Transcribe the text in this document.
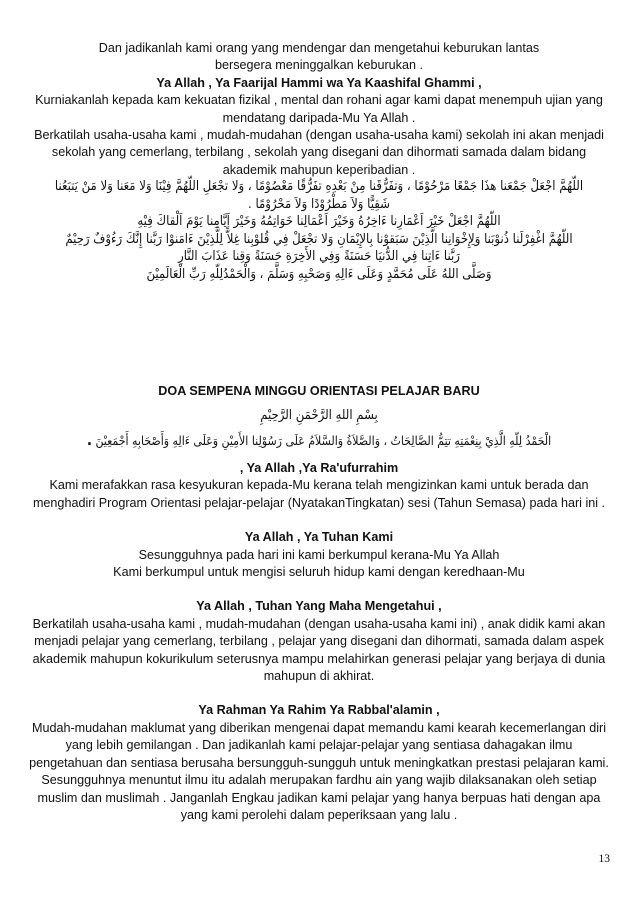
Dan jadikanlah kami orang yang mendengar dan mengetahui keburukan lantas bersegera meninggalkan keburukan .

Ya Allah , Ya Faarijal Hammi wa Ya Kaashifal Ghammi ,

Kurniakanlah kepada kam kekuatan fizikal , mental dan rohani agar kami dapat menempuh ujian yang mendatang daripada-Mu Ya Allah .

Berkatilah usaha-usaha kami , mudah-mudahan (dengan usaha-usaha kami) sekolah ini akan menjadi sekolah yang cemerlang, terbilang , sekolah yang disegani dan dihormati samada dalam bidang akademik mahupun keperibadian .

اللّهُمَّ اجْعَلْ جَمْعَنا هذَا جَمْعًا مَرْحُوْمًا ، وَتفَرُّقَنا مِنْ بَعْدِهِ تفَرُّقًا مَعْصُوْمًا ، وَلا تجْعَلِ اللّهُمَّ فِيْنَا وَلا مَعَنا وَلا مَنْ يَتبَعُنا

شَقِيًّا وَلاَ مَطْرُوْدًا وَلاَ مَحْرُوْمًا .

اللّهُمَّ اجْعَلْ خَيْرَ اَعْمَارِنا ءَاخِرُهُ وَخَيْرَ اَعْمَالِنا خَوَاتِمُهُ وَخَيْرَ اَيَّامِنا يَوْمَ اَلْقاكَ فِيْهِ

اللّهُمَّ اغْفِرْلَنا ذُنوْبَنا وَلِإِخْوَانِنا الَّذِيْنَ سَبَقوْنا بِالإِيْمَانِ وَلا تجْعَلْ فِي قُلوْبِنا غِلاًّ لِلَّذِيْنَ ءَامَنوْا رَبَّنا إِنَّكَ رَءُوْفٌ رَحِيْمٌ

رَبَّنا ءَاتِنا فِي الدُّنيَا حَسَنَةً وَفِي الأَخِرَةِ حَسَنَةً وَقِنا عَذَابَ النَّارِ

وَصَلَّى اللهُ عَلَى مُحَمَّدٍ وَعَلَى ءَالِهِ وَصَحْبِهِ وَسَلَّمَ ، وَالْحَمْدُلِلّهِ رَبِّ الْعَالَمِيْنَ

DOA SEMPENA MINGGU ORIENTASI PELAJAR BARU

بِسْمِ اللهِ الرَّحْمَنِ الرَّحِيْمِ

الْحَمْدُ لِلّهِ الَّذِيْ بِنِعْمَتِهِ تتِمُّ الصَّالِحَاتُ ، وَالصَّلاَةُ وَالسَّلاَمُ عَلَى رَسُوْلِنا الأَمِيْنِ وَعَلَى ءَالِهِ وَأَصْحَابِهِ أَجْمَعِيْنَ .

, Ya Allah ,Ya Ra'ufurrahim

Kami merafakkan rasa kesyukuran kepada-Mu kerana telah mengizinkan kami untuk berada dan menghadiri Program Orientasi pelajar-pelajar (NyatakanTingkatan) sesi (Tahun Semasa) pada hari ini .

Ya Allah , Ya Tuhan Kami

Sesungguhnya pada hari ini kami berkumpul kerana-Mu Ya Allah

Kami berkumpul untuk mengisi seluruh hidup kami dengan keredhaan-Mu

Ya Allah , Tuhan Yang Maha Mengetahui ,

Berkatilah usaha-usaha kami , mudah-mudahan (dengan usaha-usaha kami ini) , anak didik kami akan menjadi pelajar yang cemerlang, terbilang , pelajar yang disegani dan dihormati, samada dalam aspek akademik mahupun kokurikulum seterusnya mampu melahirkan generasi pelajar yang berjaya di dunia mahupun di akhirat.

Ya Rahman Ya Rahim Ya Rabbal'alamin ,

Mudah-mudahan maklumat yang diberikan mengenai dapat memandu kami kearah kecemerlangan diri yang lebih gemilangan . Dan jadikanlah kami pelajar-pelajar yang sentiasa dahagakan ilmu pengetahuan dan sentiasa berusaha bersungguh-sungguh untuk meningkatkan prestasi pelajaran kami. Sesungguhnya menuntut ilmu itu adalah merupakan fardhu ain yang wajib dilaksanakan oleh setiap muslim dan muslimah . Janganlah Engkau jadikan kami pelajar yang hanya berpuas hati dengan apa yang kami perolehi dalam peperiksaan yang lalu .

13
